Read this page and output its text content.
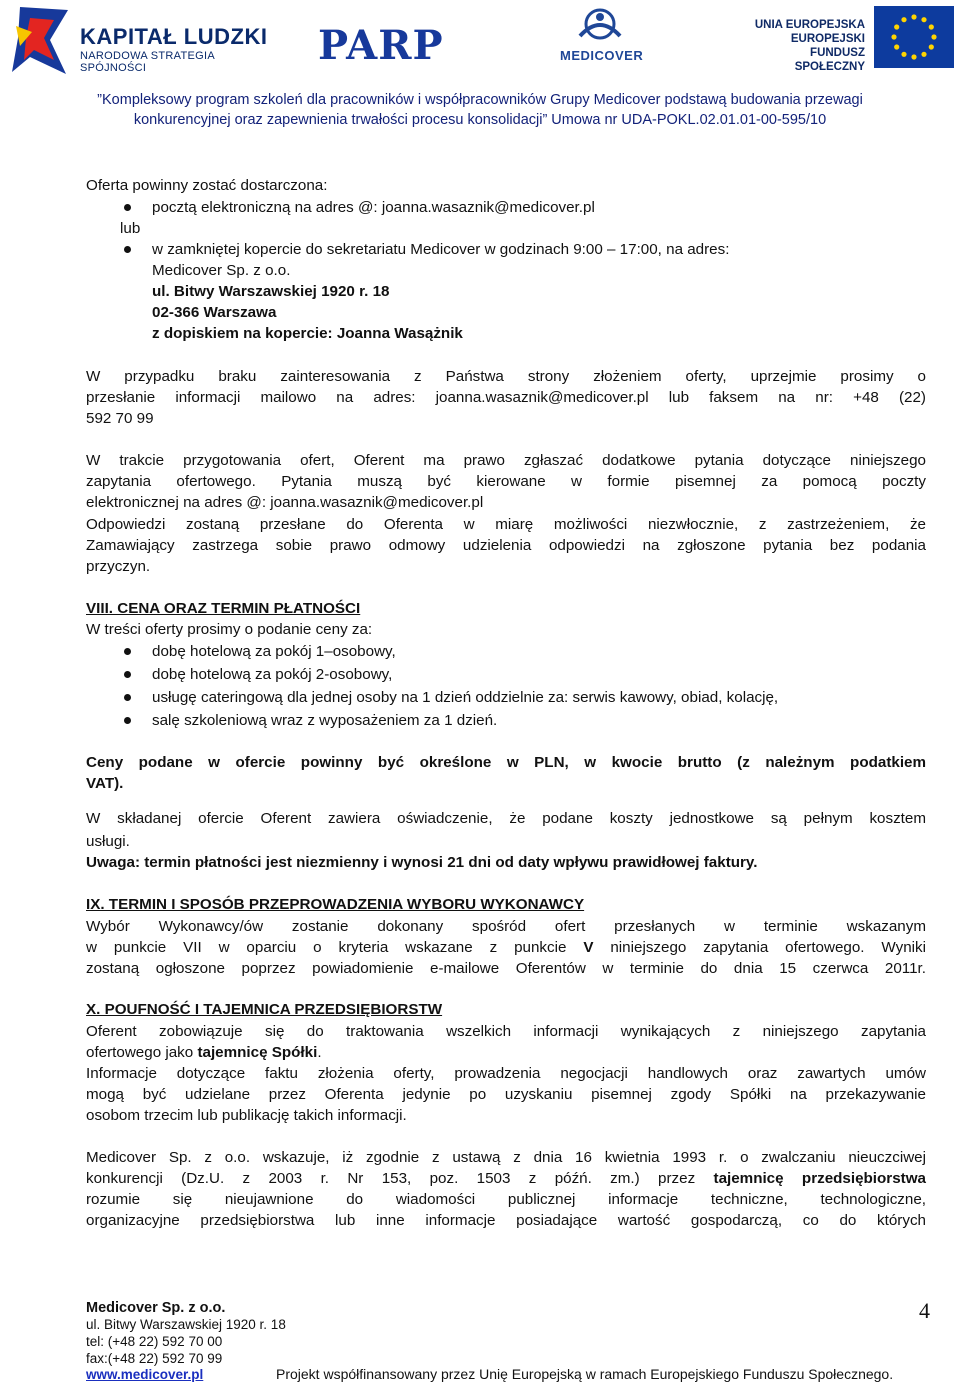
KAPITAŁ LUDZKI
NARODOWA STRATEGIA SPÓJNOŚCI	PARP	MEDICOVER
UNIA EUROPEJSKA
EUROPEJSKI
FUNDUSZ SPOŁECZNY
”Kompleksowy program szkoleń dla pracowników i współpracowników Grupy Medicover podstawą budowania przewagi
konkurencyjnej oraz zapewnienia trwałości procesu konsolidacji” Umowa nr UDA-POKL.02.01.01-00-595/10
Oferta powinny zostać dostarczona:
pocztą elektroniczną na adres @: joanna.wasaznik@medicover.pl
lub
w zamkniętej kopercie do sekretariatu Medicover w godzinach 9:00 – 17:00, na adres:
Medicover Sp. z o.o.
ul. Bitwy Warszawskiej 1920 r. 18
02-366 Warszawa
z dopiskiem na kopercie: Joanna Wasążnik
W przypadku braku zainteresowania z Państwa strony złożeniem oferty, uprzejmie prosimy o
przesłanie informacji mailowo na adres: joanna.wasaznik@medicover.pl lub faksem na nr: +48 (22)
592 70 99
W trakcie przygotowania ofert, Oferent ma prawo zgłaszać dodatkowe pytania dotyczące niniejszego
zapytania ofertowego. Pytania muszą być kierowane w formie pisemnej za pomocą poczty
elektronicznej na adres @: joanna.wasaznik@medicover.pl
Odpowiedzi zostaną przesłane do Oferenta w miarę możliwości niezwłocznie, z zastrzeżeniem, że
Zamawiający zastrzega sobie prawo odmowy udzielenia odpowiedzi na zgłoszone pytania bez podania
przyczyn.
VIII. CENA ORAZ TERMIN PŁATNOŚCI
W treści oferty prosimy o podanie ceny za:
dobę hotelową za pokój 1–osobowy,
dobę hotelową za pokój 2-osobowy,
usługę cateringową dla jednej osoby na 1 dzień oddzielnie za: serwis kawowy, obiad, kolację,
salę szkoleniową wraz z wyposażeniem za 1 dzień.
Ceny podane w ofercie powinny być określone w PLN, w kwocie brutto (z należnym podatkiem
VAT).
W składanej ofercie Oferent zawiera oświadczenie, że podane koszty jednostkowe są pełnym kosztem
usługi.
Uwaga: termin płatności jest niezmienny i wynosi 21 dni od daty wpływu prawidłowej faktury.
IX. TERMIN I SPOSÓB PRZEPROWADZENIA WYBORU WYKONAWCY
Wybór Wykonawcy/ów zostanie dokonany spośród ofert przesłanych w terminie wskazanym
w punkcie VII w oparciu o kryteria wskazane z punkcie V niniejszego zapytania ofertowego. Wyniki
zostaną ogłoszone poprzez powiadomienie e-mailowe Oferentów w terminie do dnia 15 czerwca 2011r.
X. POUFNOŚĆ I TAJEMNICA PRZEDSIĘBIORSTW
Oferent zobowiązuje się do traktowania wszelkich informacji wynikających z niniejszego zapytania
ofertowego jako tajemnicę Spółki.
Informacje dotyczące faktu złożenia oferty, prowadzenia negocjacji handlowych oraz zawartych umów
mogą być udzielane przez Oferenta jedynie po uzyskaniu pisemnej zgody Spółki na przekazywanie
osobom trzecim lub publikację takich informacji.
Medicover Sp. z o.o. wskazuje, iż zgodnie z ustawą z dnia 16 kwietnia 1993 r. o zwalczaniu nieuczciwej
konkurencji (Dz.U. z 2003 r. Nr 153, poz. 1503 z późń. zm.) przez tajemnicę przedsiębiorstwa
rozumie się nieujawnione do wiadomości publicznej informacje techniczne, technologiczne,
organizacyjne przedsiębiorstwa lub inne informacje posiadające wartość gospodarczą, co do których
Medicover Sp. z o.o.
ul. Bitwy Warszawskiej 1920 r. 18
tel: (+48 22) 592 70 00
fax:(+48 22) 592 70 99
www.medicover.pl	Projekt współfinansowany przez Unię Europejską w ramach Europejskiego Funduszu Społecznego.
4
